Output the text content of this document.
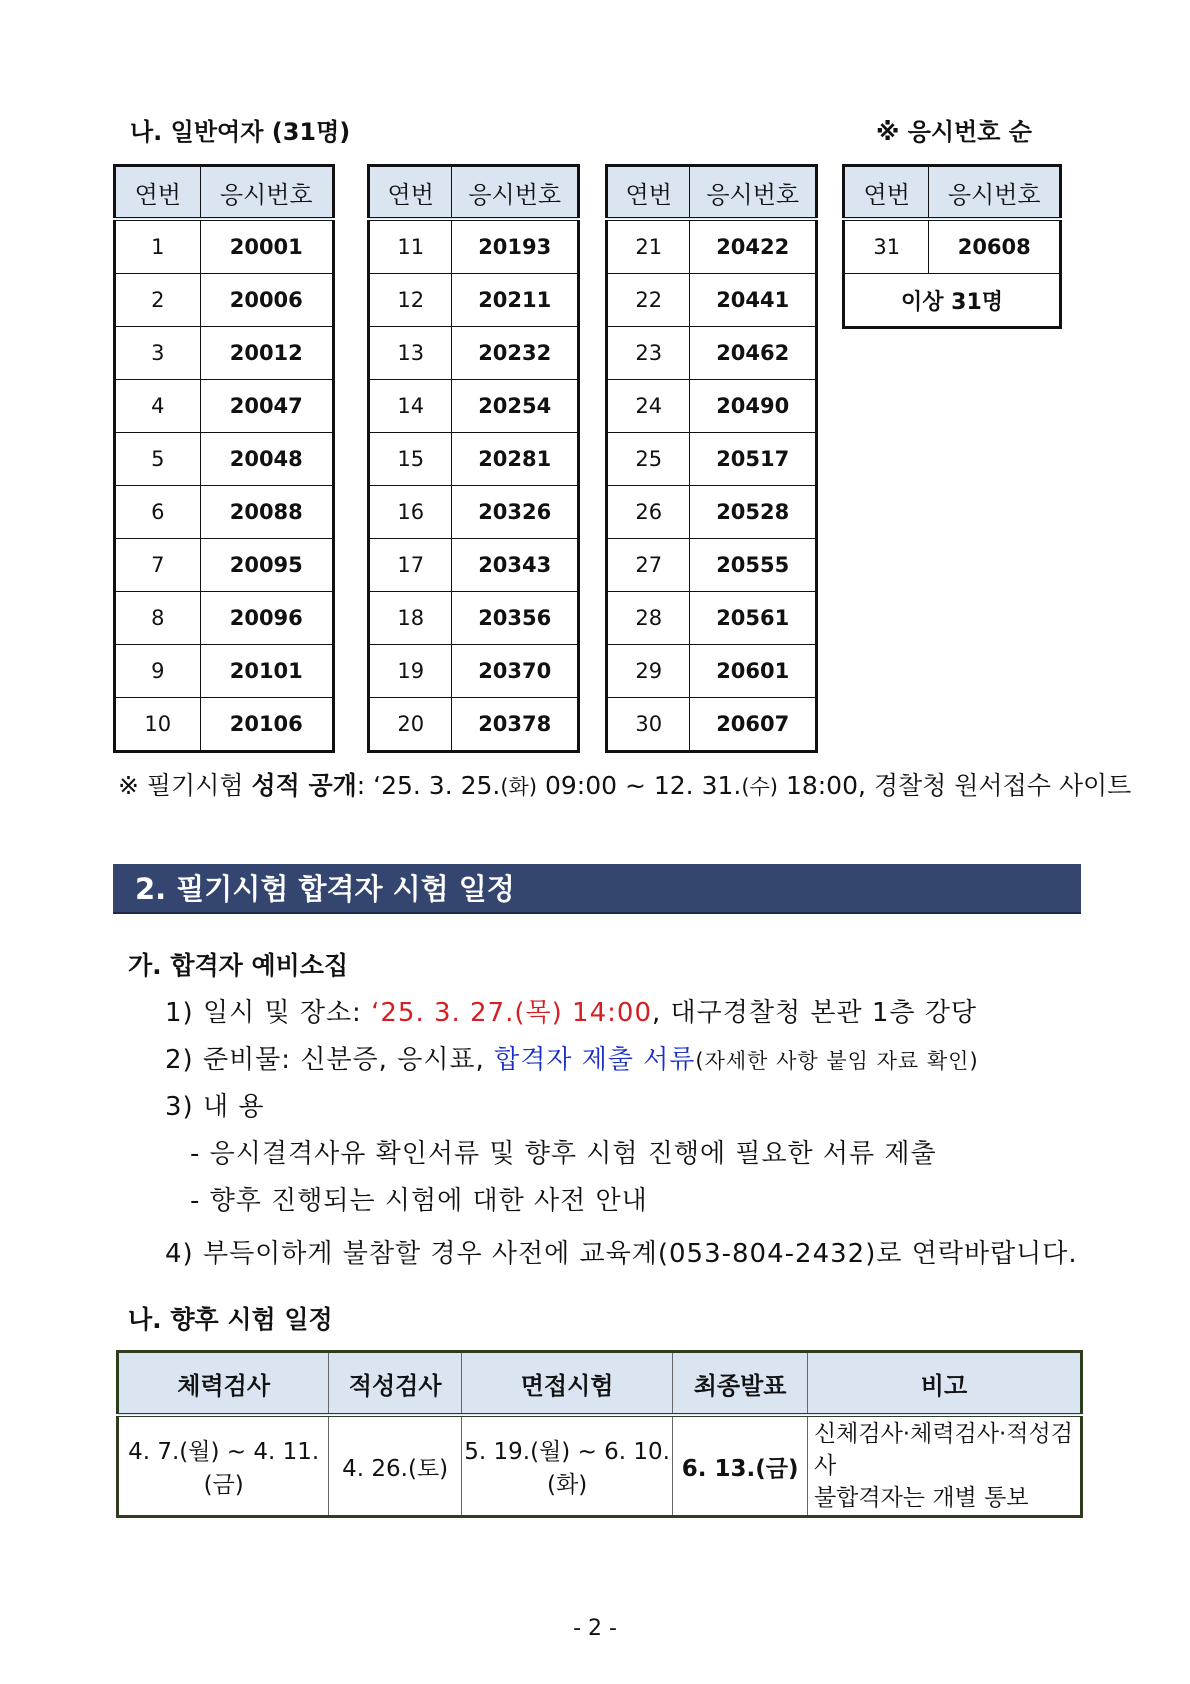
나. 일반여자 (31명)	※ 응시번호 순
연번	응시번호
1	20001
2	20006
3	20012
4	20047
5	20048
6	20088
7	20095
8	20096
9	20101
10	20106
연번	응시번호
11	20193
12	20211
13	20232
14	20254
15	20281
16	20326
17	20343
18	20356
19	20370
20	20378
연번	응시번호
21	20422
22	20441
23	20462
24	20490
25	20517
26	20528
27	20555
28	20561
29	20601
30	20607
연번	응시번호
31	20608
이상 31명	
※ 필기시험 성적 공개: ‘25. 3. 25.(화) 09:00 ~ 12. 31.(수) 18:00, 경찰청 원서접수 사이트
2. 필기시험 합격자 시험 일정
가. 합격자 예비소집
1) 일시 및 장소: ‘25. 3. 27.(목) 14:00, 대구경찰청 본관 1층 강당
2) 준비물: 신분증, 응시표, 합격자 제출 서류(자세한 사항 붙임 자료 확인)
3) 내 용
- 응시결격사유 확인서류 및 향후 시험 진행에 필요한 서류 제출
- 향후 진행되는 시험에 대한 사전 안내
4) 부득이하게 불참할 경우 사전에 교육계(053-804-2432)로 연락바랍니다.
나. 향후 시험 일정
체력검사	적성검사	면접시험	최종발표	비고
4. 7.(월) ~ 4. 11.(금)	4. 26.(토)	5. 19.(월) ~ 6. 10.(화)	6. 13.(금)	신체검사·체력검사·적성검사
불합격자는 개별 통보
- 2 -
